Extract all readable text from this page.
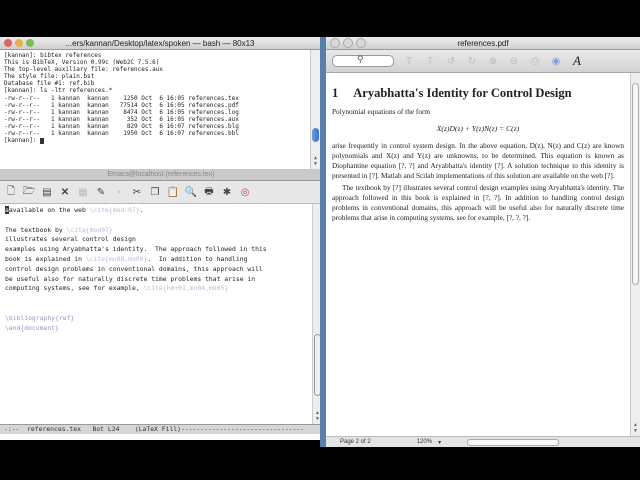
...ers/kannan/Desktop/latex/spoken — bash — 80x13
[kannan]: bibtex references
This is BibTeX, Version 0.99c (Web2C 7.5.6)
The top-level auxiliary file: references.aux
The style file: plain.bst
Database file #1: ref.bib
[kannan]: ls -ltr references.*
-rw-r--r--   1 kannan  kannan    1250 Oct  6 16:05 references.tex
-rw-r--r--   1 kannan  kannan   77514 Oct  6 16:05 references.pdf
-rw-r--r--   1 kannan  kannan    8474 Oct  6 16:05 references.log
-rw-r--r--   1 kannan  kannan     352 Oct  6 16:05 references.aux
-rw-r--r--   1 kannan  kannan     829 Oct  6 16:07 references.blg
-rw-r--r--   1 kannan  kannan    1950 Oct  6 16:07 references.bbl
[kannan]:

▲
▼

Emacs@localhost (references.tex)
🗋 🗁 ▤ ✕ ▦ ✎	▪	✂ ❐ 📋 🔍 🖶 ✱ ◎
aavailable on the web \cite{mod-07}.

The textbook by \cite{mod07}
illustrates several control design
examples using Aryabhatta's identity.  The approach followed in this
book is explained in \cite{mo08,mo09}.  In addition to handling
control design problems in conventional domains, this approach will
be useful also for naturally discrete time problems that arise in
computing systems, see for example, \cite{hm+01,mo04,mo05}

\bibliography{ref}
\end{document}
▲
▼
-:--  references.tex   Bot L24    (LaTeX Fill)--------------------------------
references.pdf
⚲	T T ↺ ↻ ⊕ ⊖ ⎙ ◉ A
1 Aryabhatta's Identity for Control Design
Polynomial equations of the form
X(z)D(z) + Y(z)N(z) = C(z)
arise frequently in control system design. In the above equation, D(z), N(z) and C(z) are known polynomials and X(z) and Y(z) are unknowns, to be determined. This equation is known as Diophantine equation [?, ?] and Aryabhatta's identity [?]. A solution technique to this identity is presented in [?]. Matlab and Scilab implementations of this solution are available on the web [?].
The textbook by [?] illustrates several control design examples using Aryabhatta's identity. The approach followed in this book is explained in [?, ?]. In addition to handling control design problems in conventional domains, this approach will be useful also for naturally discrete time problems that arise in computing systems, see for example, [?, ?, ?].
▲
▼
Page 2 of 2	120% ▾
